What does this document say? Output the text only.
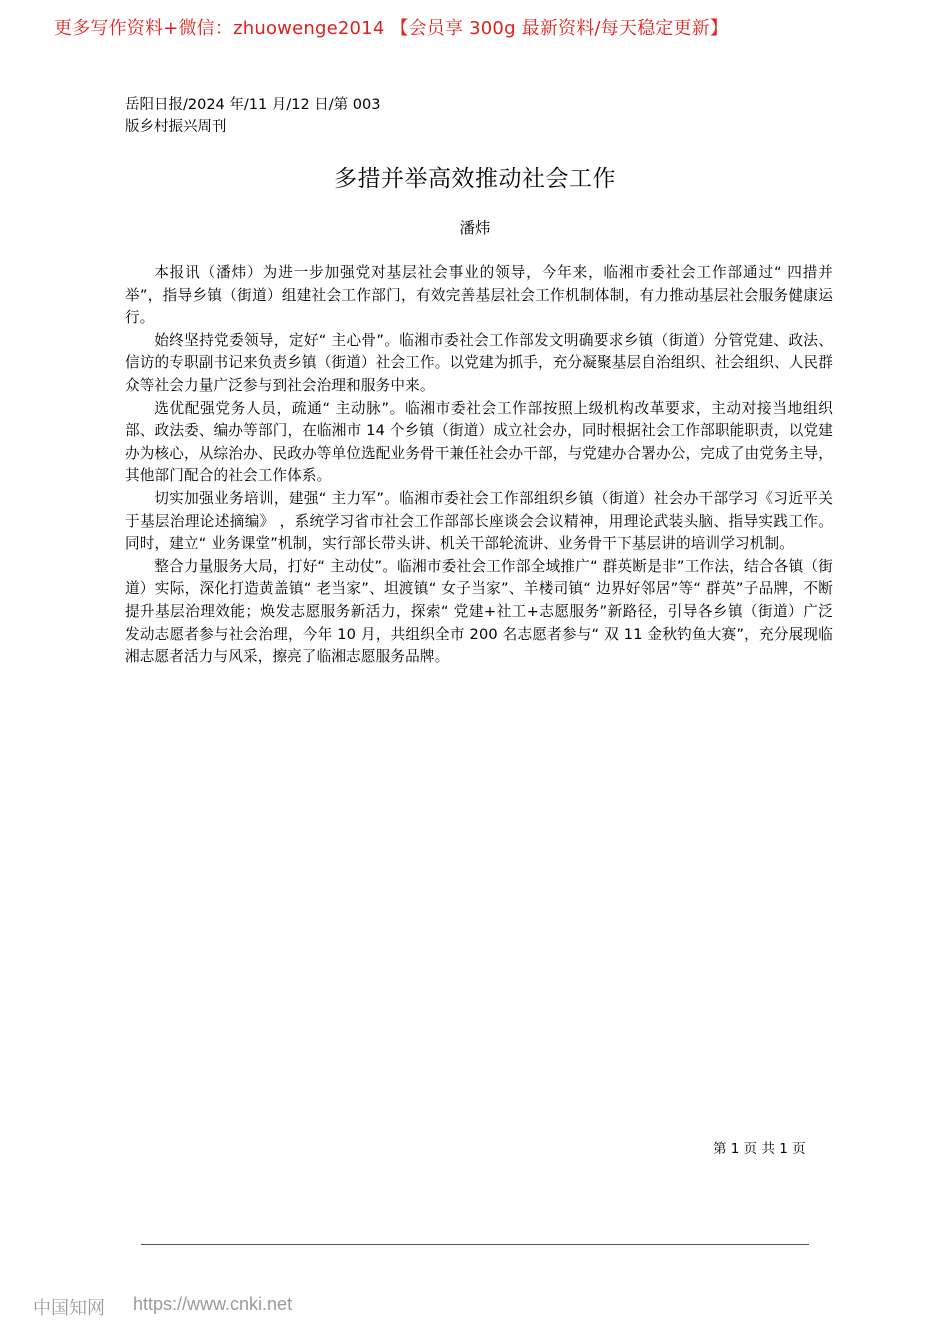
更多写作资料+微信：zhuowenge2014 【会员享 300g 最新资料/每天稳定更新】
岳阳日报/2024 年/11 月/12 日/第 003
版乡村振兴周刊
多措并举高效推动社会工作
潘炜

本报讯（潘炜）为进一步加强党对基层社会事业的领导，今年来，临湘市委社会工作部通过“ 四措并举”，指导乡镇（街道）组建社会工作部门，有效完善基层社会工作机制体制，有力推动基层社会服务健康运行。

始终坚持党委领导，定好“ 主心骨”。临湘市委社会工作部发文明确要求乡镇（街道）分管党建、政法、信访的专职副书记来负责乡镇（街道）社会工作。以党建为抓手，充分凝聚基层自治组织、社会组织、人民群众等社会力量广泛参与到社会治理和服务中来。

选优配强党务人员，疏通“ 主动脉”。临湘市委社会工作部按照上级机构改革要求，主动对接当地组织部、政法委、编办等部门，在临湘市 14 个乡镇（街道）成立社会办，同时根据社会工作部职能职责，以党建办为核心，从综治办、民政办等单位选配业务骨干兼任社会办干部，与党建办合署办公，完成了由党务主导，其他部门配合的社会工作体系。

切实加强业务培训，建强“ 主力军”。临湘市委社会工作部组织乡镇（街道）社会办干部学习《习近平关于基层治理论述摘编》 ，系统学习省市社会工作部部长座谈会会议精神，用理论武装头脑、指导实践工作。同时，建立“ 业务课堂”机制，实行部长带头讲、机关干部轮流讲、业务骨干下基层讲的培训学习机制。

整合力量服务大局，打好“ 主动仗”。临湘市委社会工作部全域推广“ 群英断是非”工作法，结合各镇（街道）实际，深化打造黄盖镇“ 老当家”、坦渡镇“ 女子当家”、羊楼司镇“ 边界好邻居”等“ 群英”子品牌，不断提升基层治理效能；焕发志愿服务新活力，探索“ 党建+社工+志愿服务”新路径，引导各乡镇（街道）广泛发动志愿者参与社会治理，今年 10 月，共组织全市 200 名志愿者参与“ 双 11 金秋钓鱼大赛”，充分展现临湘志愿者活力与风采，擦亮了临湘志愿服务品牌。

第 1 页 共 1 页
中国知网 https://www.cnki.net
